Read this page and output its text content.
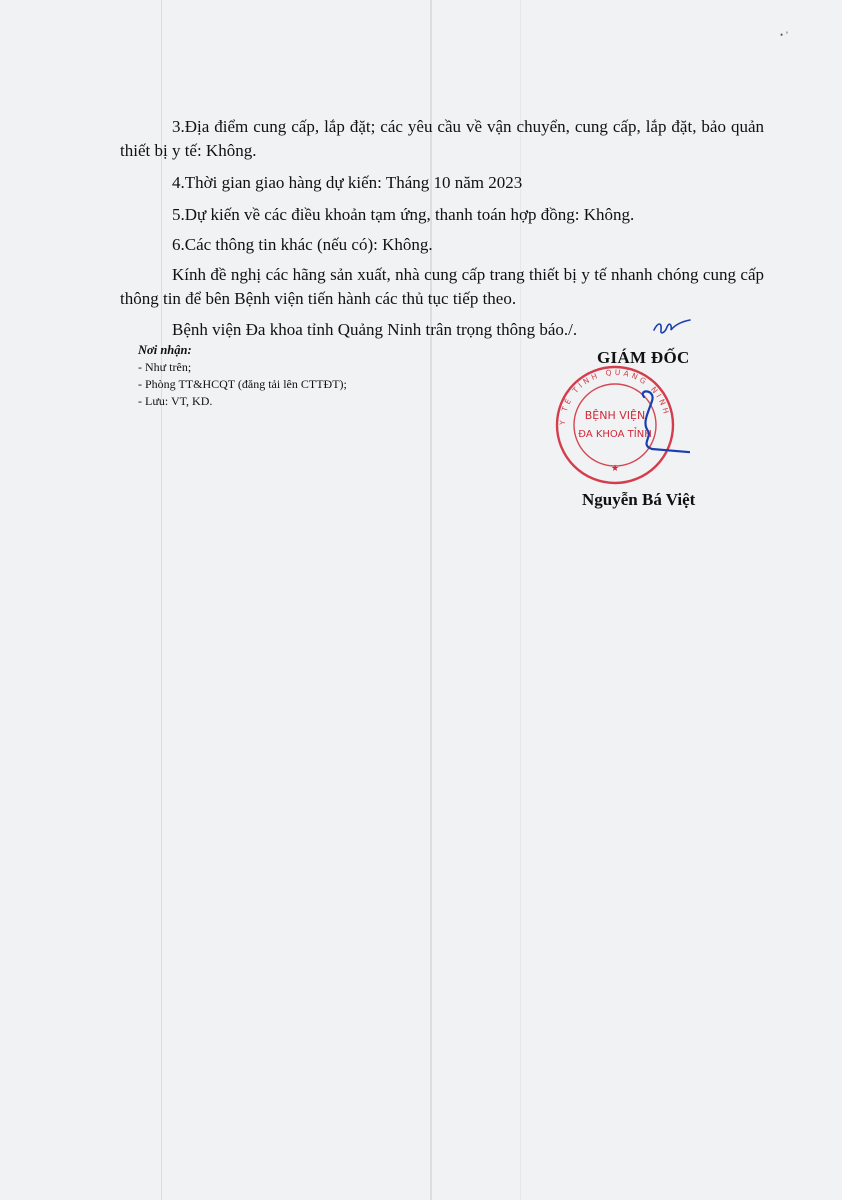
• ’

3.Địa điểm cung cấp, lắp đặt; các yêu cầu về vận chuyển, cung cấp, lắp đặt, bảo quản thiết bị y tế: Không.

4.Thời gian giao hàng dự kiến: Tháng 10 năm 2023

5.Dự kiến về các điều khoản tạm ứng, thanh toán hợp đồng: Không.

6.Các thông tin khác (nếu có): Không.

Kính đề nghị các hãng sản xuất, nhà cung cấp trang thiết bị y tế nhanh chóng cung cấp thông tin để bên Bệnh viện tiến hành các thủ tục tiếp theo.

Bệnh viện Đa khoa tỉnh Quảng Ninh trân trọng thông báo./.

Nơi nhận:
- Như trên;
- Phòng TT&HCQT (đăng tải lên CTTĐT);
- Lưu: VT, KD.
GIÁM ĐỐC
Y TẾ TỈNH QUẢNG NINH
BỆNH VIỆN
ĐA KHOA TỈNH
★
Nguyễn Bá Việt
